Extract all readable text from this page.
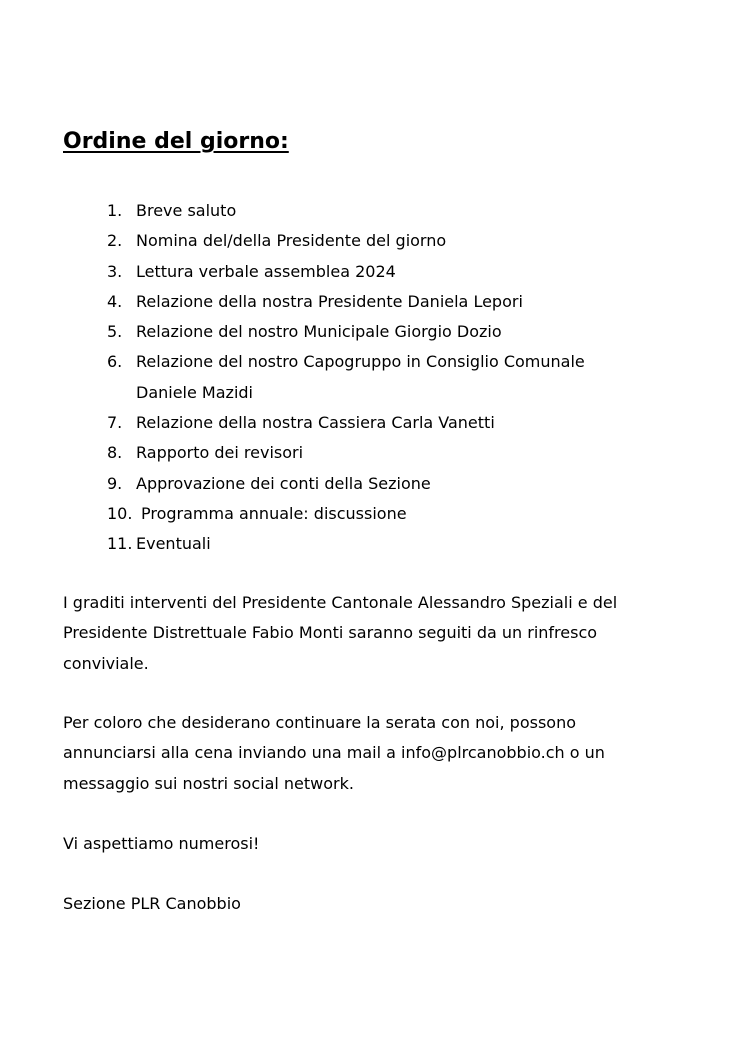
Ordine del giorno:
1. Breve saluto
2. Nomina del/della Presidente del giorno
3. Lettura verbale assemblea 2024
4. Relazione della nostra Presidente Daniela Lepori
5. Relazione del nostro Municipale Giorgio Dozio
6. Relazione del nostro Capogruppo in Consiglio Comunale
Daniele Mazidi
7. Relazione della nostra Cassiera Carla Vanetti
8. Rapporto dei revisori
9. Approvazione dei conti della Sezione
10. Programma annuale: discussione
11. Eventuali

I graditi interventi del Presidente Cantonale Alessandro Speziali e del
Presidente Distrettuale Fabio Monti saranno seguiti da un rinfresco
conviviale.

Per coloro che desiderano continuare la serata con noi, possono
annunciarsi alla cena inviando una mail a info@plrcanobbio.ch o un
messaggio sui nostri social network.

Vi aspettiamo numerosi!

Sezione PLR Canobbio
